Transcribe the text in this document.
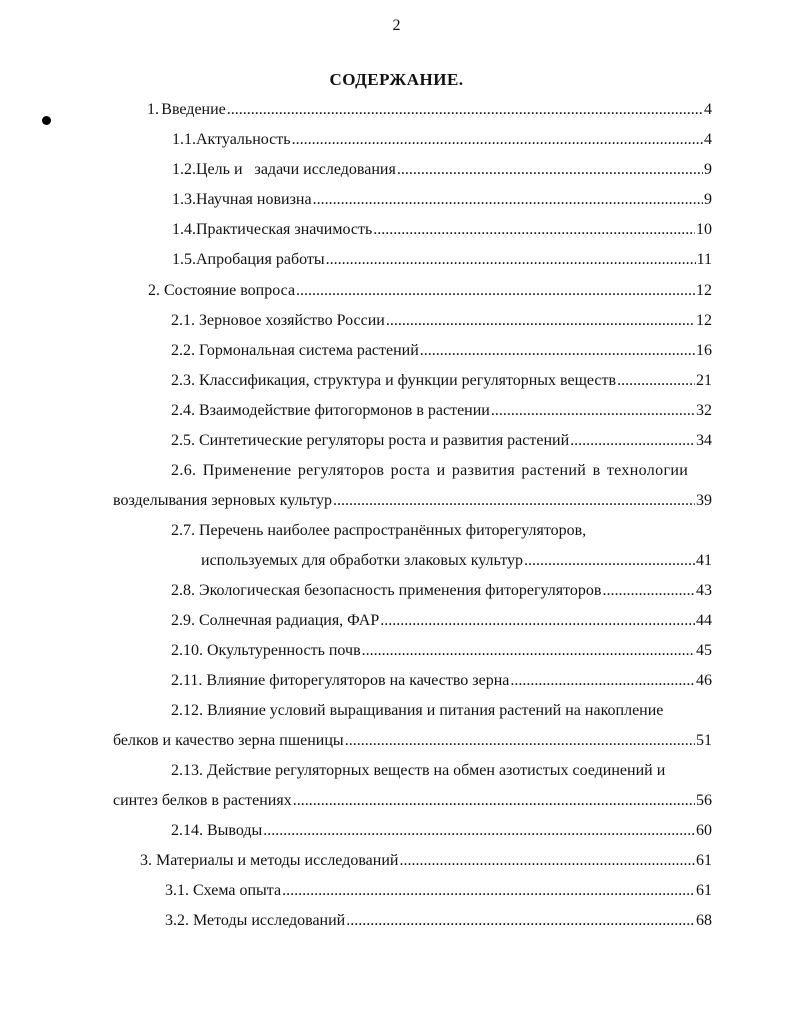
2
СОДЕРЖАНИЕ.
1. Введение .....	4
1.1. Актуальность .....	4
1.2. Цель и   задачи исследования .....	9
1.3. Научная новизна .....	9
1.4. Практическая значимость .....	10
1.5. Апробация работы .....	11
2. Состояние вопроса .....	12
2.1. Зерновое хозяйство России .....	12
2.2. Гормональная система растений .....	16
2.3. Классификация, структура и функции регуляторных веществ .....	21
2.4. Взаимодействие фитогормонов в растении .....	32
2.5. Синтетические регуляторы роста и развития растений .....	34
2.6. Применение регуляторов роста и развития растений в технологии
возделывания зерновых культур .....	39
2.7. Перечень наиболее распространённых фиторегуляторов,
используемых для обработки злаковых культур .....	41
2.8. Экологическая безопасность применения фиторегуляторов .....	43
2.9. Солнечная радиация, ФАР .....	44
2.10. Окультуренность почв .....	45
2.11. Влияние фиторегуляторов на качество зерна .....	46
2.12. Влияние условий выращивания и питания растений на накопление
белков и качество зерна пшеницы .....	51
2.13. Действие регуляторных веществ на обмен азотистых соединений и
синтез белков в растениях .....	56
2.14. Выводы .....	60
3. Материалы и методы исследований .....	61
3.1. Схема опыта .....	61
3.2. Методы исследований .....	68
